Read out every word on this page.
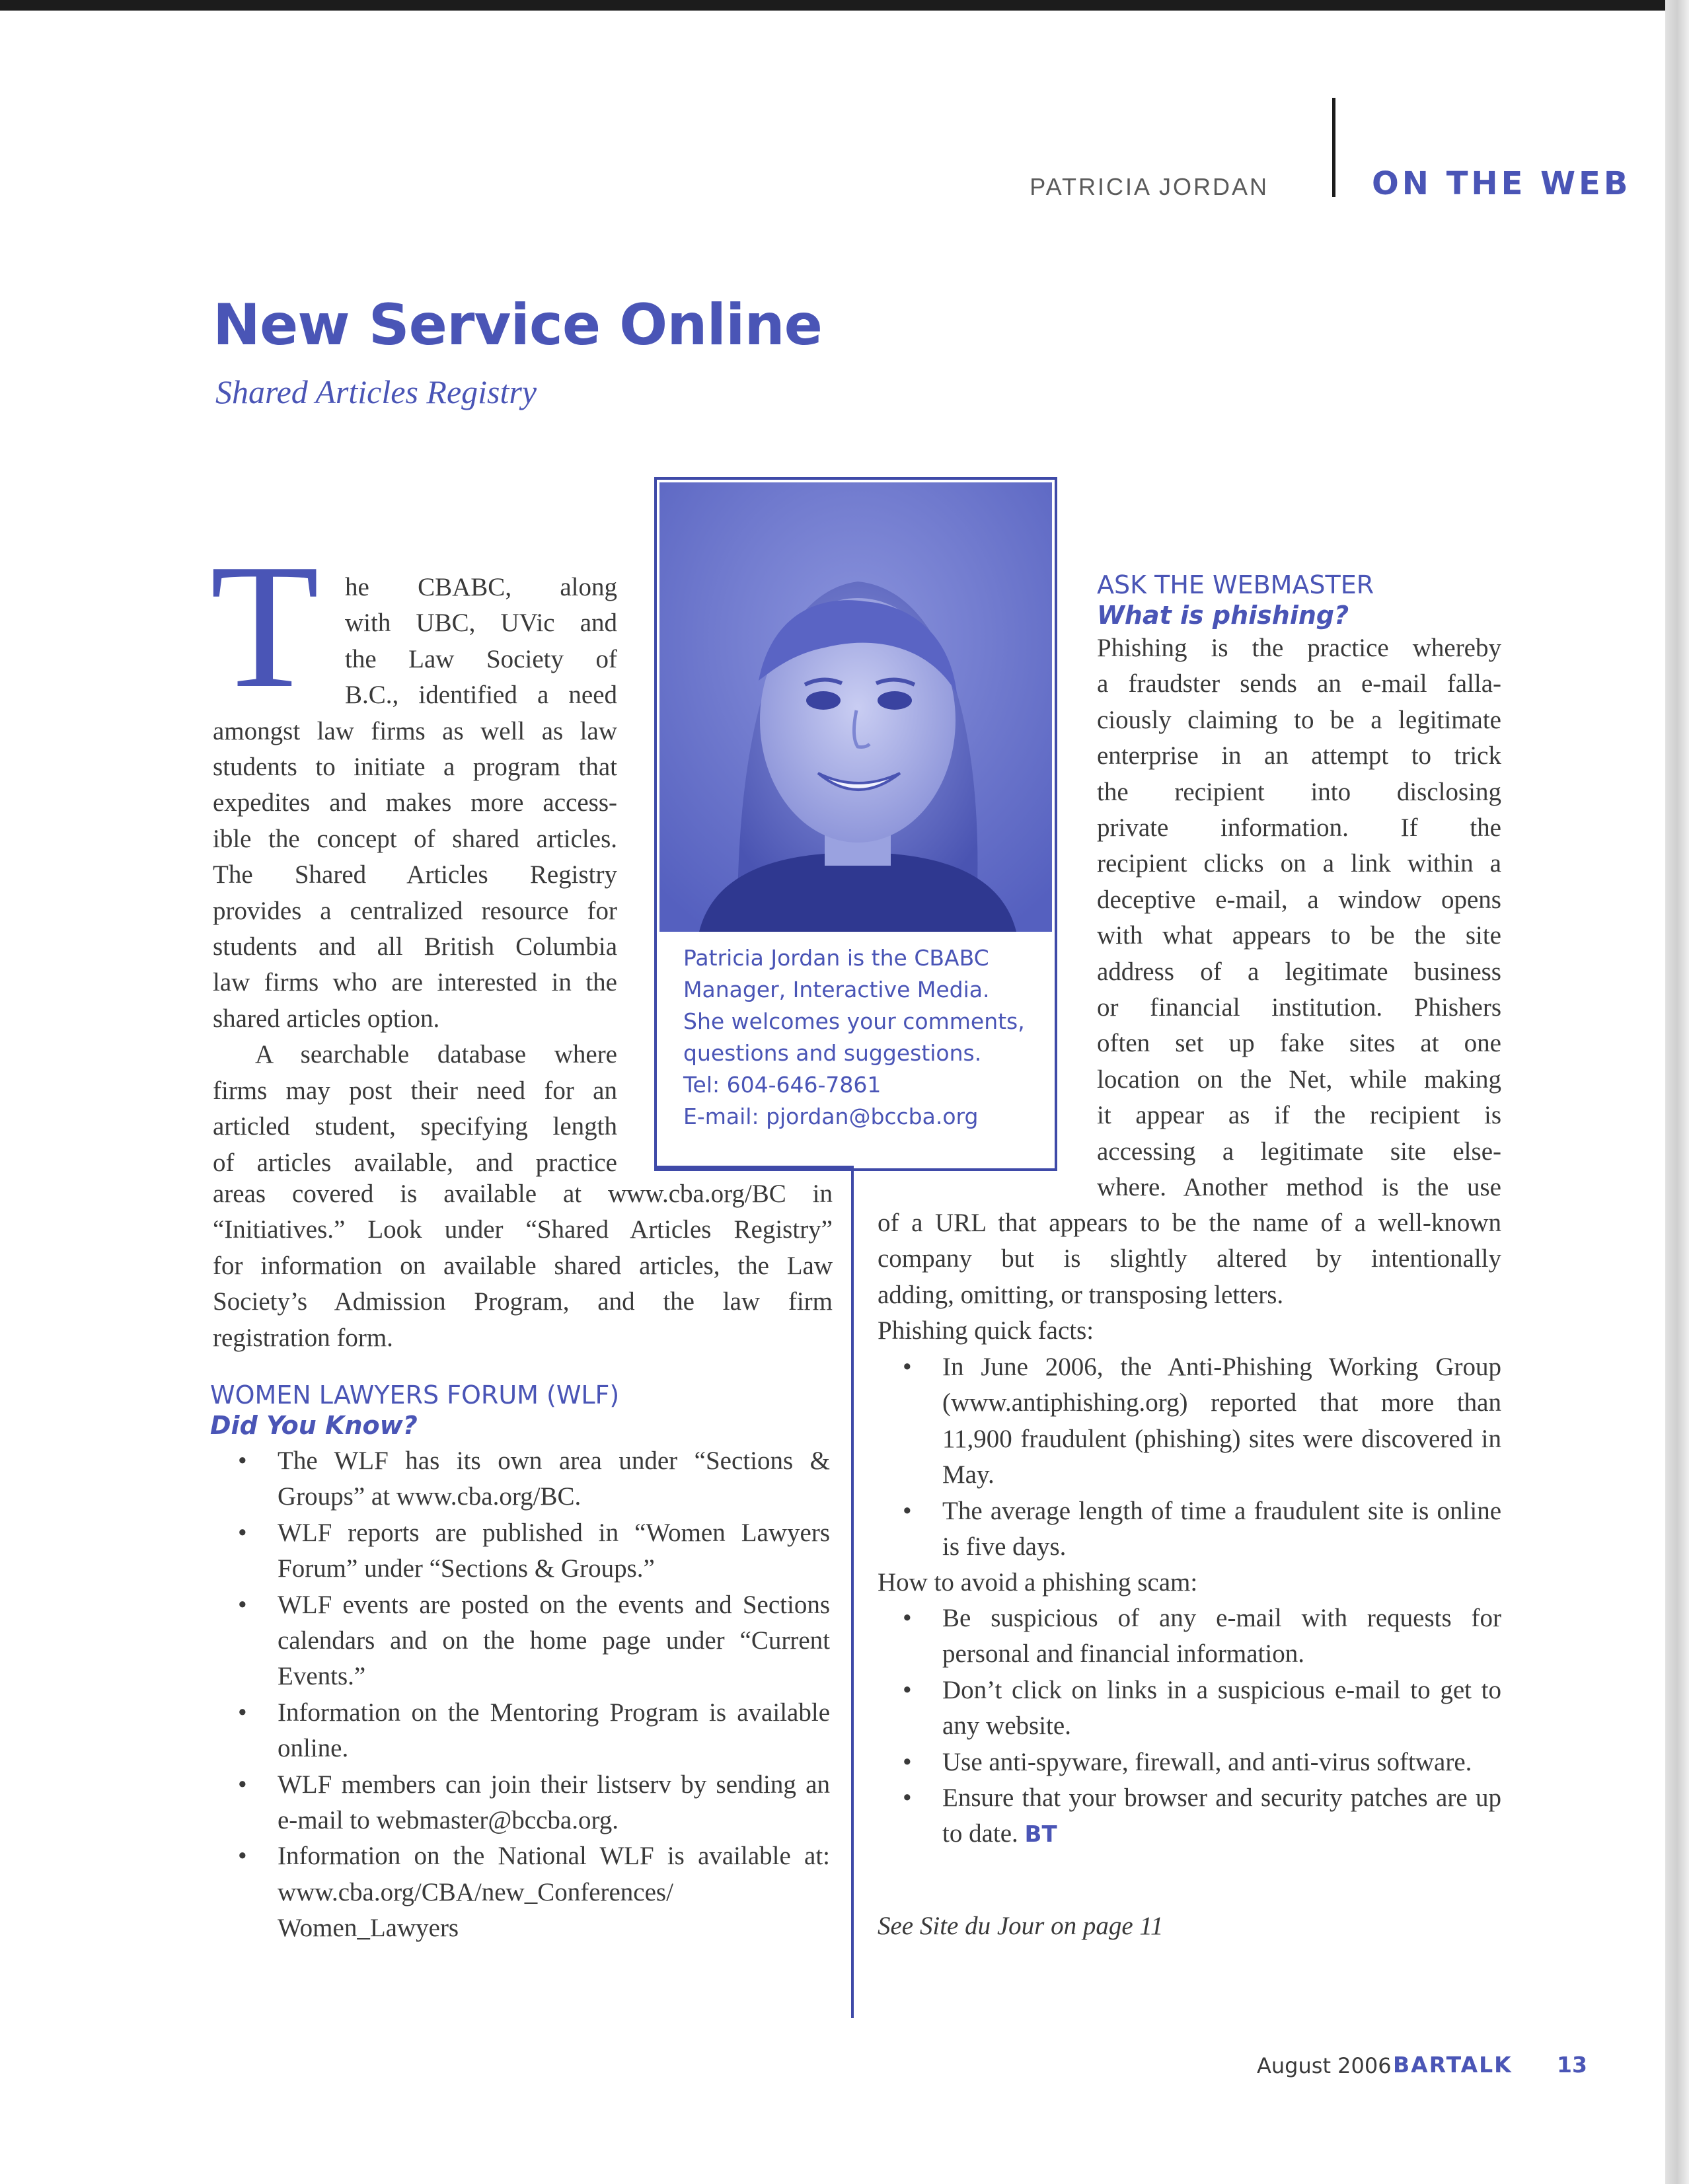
PATRICIA JORDAN	ON THE WEB
New Service Online
Shared Articles Registry
T he CBABC, along
with UBC, UVic and
the Law Society of
B.C., identified a need
amongst law firms as well as law
students to initiate a program that
expedites and makes more access-
ible the concept of shared articles.
The Shared Articles Registry
provides a centralized resource for
students and all British Columbia
law firms who are interested in the
shared articles option.
A searchable database where
firms may post their need for an
articled student, specifying length
of articles available, and practice
areas covered is available at www.cba.org/BC in
“Initiatives.” Look under “Shared Articles Registry”
for information on available shared articles, the Law
Society’s Admission Program, and the law firm
registration form.
Patricia Jordan is the CBABC
Manager, Interactive Media.
She welcomes your comments,
questions and suggestions.
Tel: 604-646-7861
E-mail: pjordan@bccba.org
WOMEN LAWYERS FORUM (WLF)
Did You Know?
• The WLF has its own area under “Sections & Groups” at www.cba.org/BC.
• WLF reports are published in “Women Lawyers Forum” under “Sections & Groups.”
• WLF events are posted on the events and Sections calendars and on the home page under “Current Events.”
• Information on the Mentoring Program is available online.
• WLF members can join their listserv by sending an e-mail to webmaster@bccba.org.
• Information on the National WLF is available at: www.cba.org/CBA/new_Conferences/ Women_Lawyers
ASK THE WEBMASTER
What is phishing?
Phishing is the practice whereby
a fraudster sends an e-mail falla-
ciously claiming to be a legitimate
enterprise in an attempt to trick
the recipient into disclosing
private information. If the
recipient clicks on a link within a
deceptive e-mail, a window opens
with what appears to be the site
address of a legitimate business
or financial institution. Phishers
often set up fake sites at one
location on the Net, while making
it appear as if the recipient is
accessing a legitimate site else-
where. Another method is the use
of a URL that appears to be the name of a well-known
company but is slightly altered by intentionally
adding, omitting, or transposing letters.
Phishing quick facts:
• In June 2006, the Anti-Phishing Working Group (www.antiphishing.org) reported that more than 11,900 fraudulent (phishing) sites were discovered in May.
• The average length of time a fraudulent site is online is five days.
How to avoid a phishing scam:
• Be suspicious of any e-mail with requests for personal and financial information.
• Don’t click on links in a suspicious e-mail to get to any website.
• Use anti-spyware, firewall, and anti-virus software.
• Ensure that your browser and security patches are up to date. BT
See Site du Jour on page 11
August 2006 BARTALK 13
